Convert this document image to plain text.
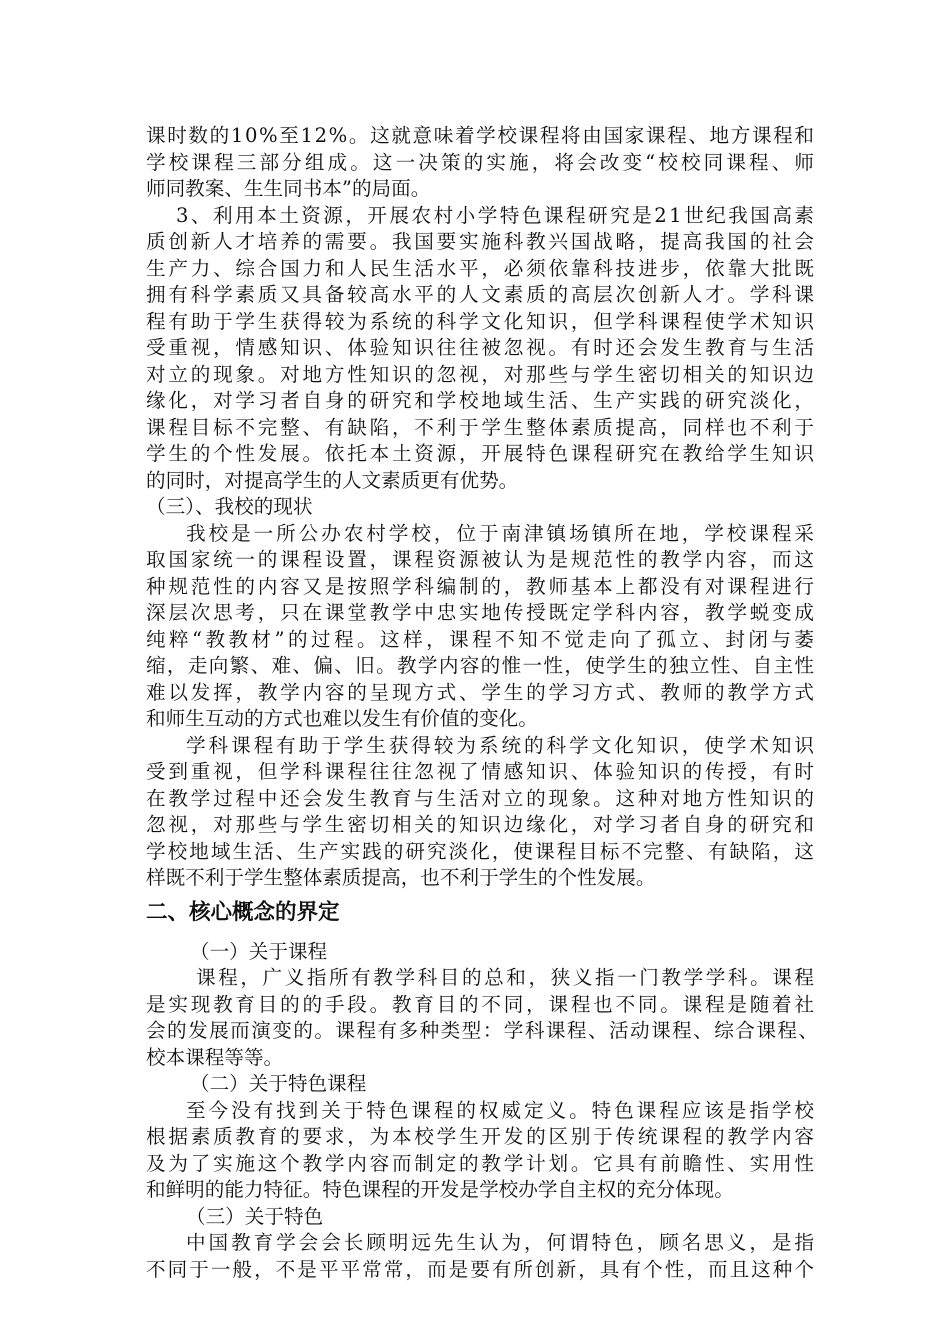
课时数的10%至12%。这就意味着学校课程将由国家课程、地方课程和

学校课程三部分组成。这一决策的实施，将会改变“校校同课程、师

师同教案、生生同书本”的局面。

3、利用本土资源，开展农村小学特色课程研究是21世纪我国高素

质创新人才培养的需要。我国要实施科教兴国战略，提高我国的社会

生产力、综合国力和人民生活水平，必须依靠科技进步，依靠大批既

拥有科学素质又具备较高水平的人文素质的高层次创新人才。学科课

程有助于学生获得较为系统的科学文化知识，但学科课程使学术知识

受重视，情感知识、体验知识往往被忽视。有时还会发生教育与生活

对立的现象。对地方性知识的忽视，对那些与学生密切相关的知识边

缘化，对学习者自身的研究和学校地域生活、生产实践的研究淡化，

课程目标不完整、有缺陷，不利于学生整体素质提高，同样也不利于

学生的个性发展。依托本土资源，开展特色课程研究在教给学生知识

的同时，对提高学生的人文素质更有优势。

（三）、我校的现状

我校是一所公办农村学校，位于南津镇场镇所在地，学校课程采

取国家统一的课程设置，课程资源被认为是规范性的教学内容，而这

种规范性的内容又是按照学科编制的，教师基本上都没有对课程进行

深层次思考，只在课堂教学中忠实地传授既定学科内容，教学蜕变成

纯粹“教教材”的过程。这样，课程不知不觉走向了孤立、封闭与萎

缩，走向繁、难、偏、旧。教学内容的惟一性，使学生的独立性、自主性

难以发挥，教学内容的呈现方式、学生的学习方式、教师的教学方式

和师生互动的方式也难以发生有价值的变化。

学科课程有助于学生获得较为系统的科学文化知识，使学术知识

受到重视，但学科课程往往忽视了情感知识、体验知识的传授，有时

在教学过程中还会发生教育与生活对立的现象。这种对地方性知识的

忽视，对那些与学生密切相关的知识边缘化，对学习者自身的研究和

学校地域生活、生产实践的研究淡化，使课程目标不完整、有缺陷，这

样既不利于学生整体素质提高，也不利于学生的个性发展。

二、核心概念的界定

（一）关于课程

课程，广义指所有教学科目的总和，狭义指一门教学学科。课程

是实现教育目的的手段。教育目的不同，课程也不同。课程是随着社

会的发展而演变的。课程有多种类型：学科课程、活动课程、综合课程、

校本课程等等。

（二）关于特色课程

至今没有找到关于特色课程的权威定义。特色课程应该是指学校

根据素质教育的要求，为本校学生开发的区别于传统课程的教学内容

及为了实施这个教学内容而制定的教学计划。它具有前瞻性、实用性

和鲜明的能力特征。特色课程的开发是学校办学自主权的充分体现。

（三）关于特色

中国教育学会会长顾明远先生认为，何谓特色，顾名思义，是指

不同于一般，不是平平常常，而是要有所创新，具有个性，而且这种个
